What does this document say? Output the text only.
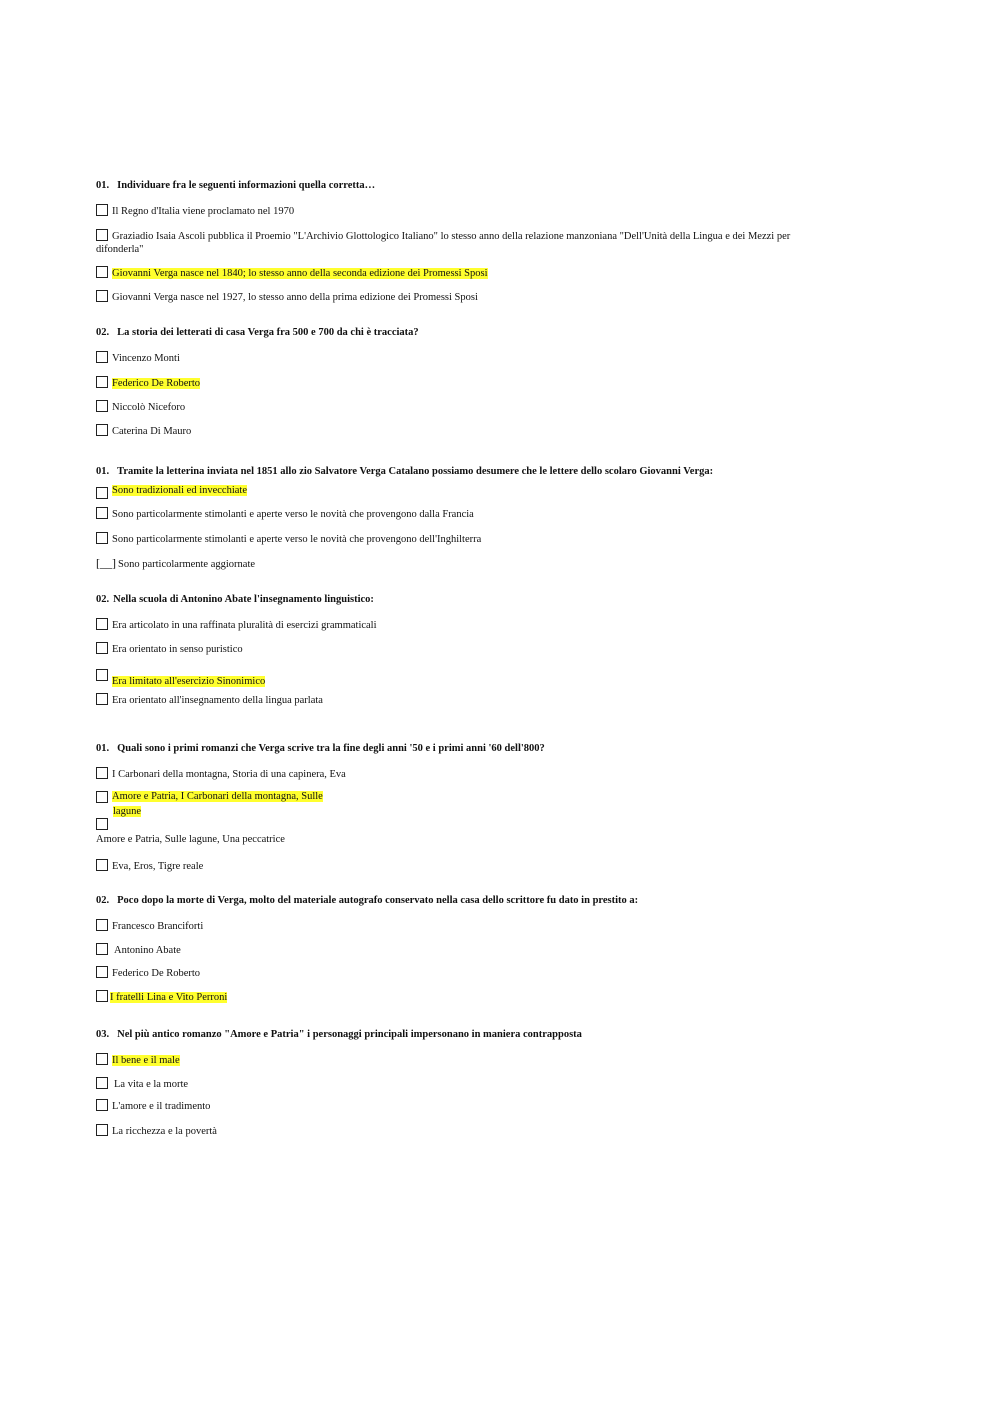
01. Individuare fra le seguenti informazioni quella corretta…
Il Regno d'Italia viene proclamato nel 1970
Graziadio Isaia Ascoli pubblica il Proemio "L'Archivio Glottologico Italiano" lo stesso anno della relazione manzoniana "Dell'Unità della Lingua e dei Mezzi per difonderla"
Giovanni Verga nasce nel 1840; lo stesso anno della seconda edizione dei Promessi Sposi
Giovanni Verga nasce nel 1927, lo stesso anno della prima edizione dei Promessi Sposi
02. La storia dei letterati di casa Verga fra 500 e 700 da chi è tracciata?
Vincenzo Monti
Federico De Roberto
Niccolò Niceforo
Caterina Di Mauro
01. Tramite la letterina inviata nel 1851 allo zio Salvatore Verga Catalano possiamo desumere che le lettere dello scolaro Giovanni Verga:
Sono tradizionali ed invecchiate
Sono particolarmente stimolanti e aperte verso le novità che provengono dalla Francia
Sono particolarmente stimolanti e aperte verso le novità che provengono dell'Inghilterra
[__] Sono particolarmente aggiornate
02. Nella scuola di Antonino Abate l'insegnamento linguistico:
Era articolato in una raffinata pluralità di esercizi grammaticali
Era orientato in senso puristico
Era limitato all'esercizio Sinonimico
Era orientato all'insegnamento della lingua parlata
01. Quali sono i primi romanzi che Verga scrive tra la fine degli anni '50 e i primi anni '60 dell'800?
I Carbonari della montagna, Storia di una capinera, Eva
Amore e Patria, I Carbonari della montagna, Sulle
lagune
Amore e Patria, Sulle lagune, Una peccatrice
Eva, Eros, Tigre reale
02. Poco dopo la morte di Verga, molto del materiale autografo conservato nella casa dello scrittore fu dato in prestito a:
Francesco Branciforti
Antonino Abate
Federico De Roberto
I fratelli Lina e Vito Perroni
03. Nel più antico romanzo "Amore e Patria" i personaggi principali impersonano in maniera contrapposta
Il bene e il male
La vita e la morte
L'amore e il tradimento
La ricchezza e la povertà
